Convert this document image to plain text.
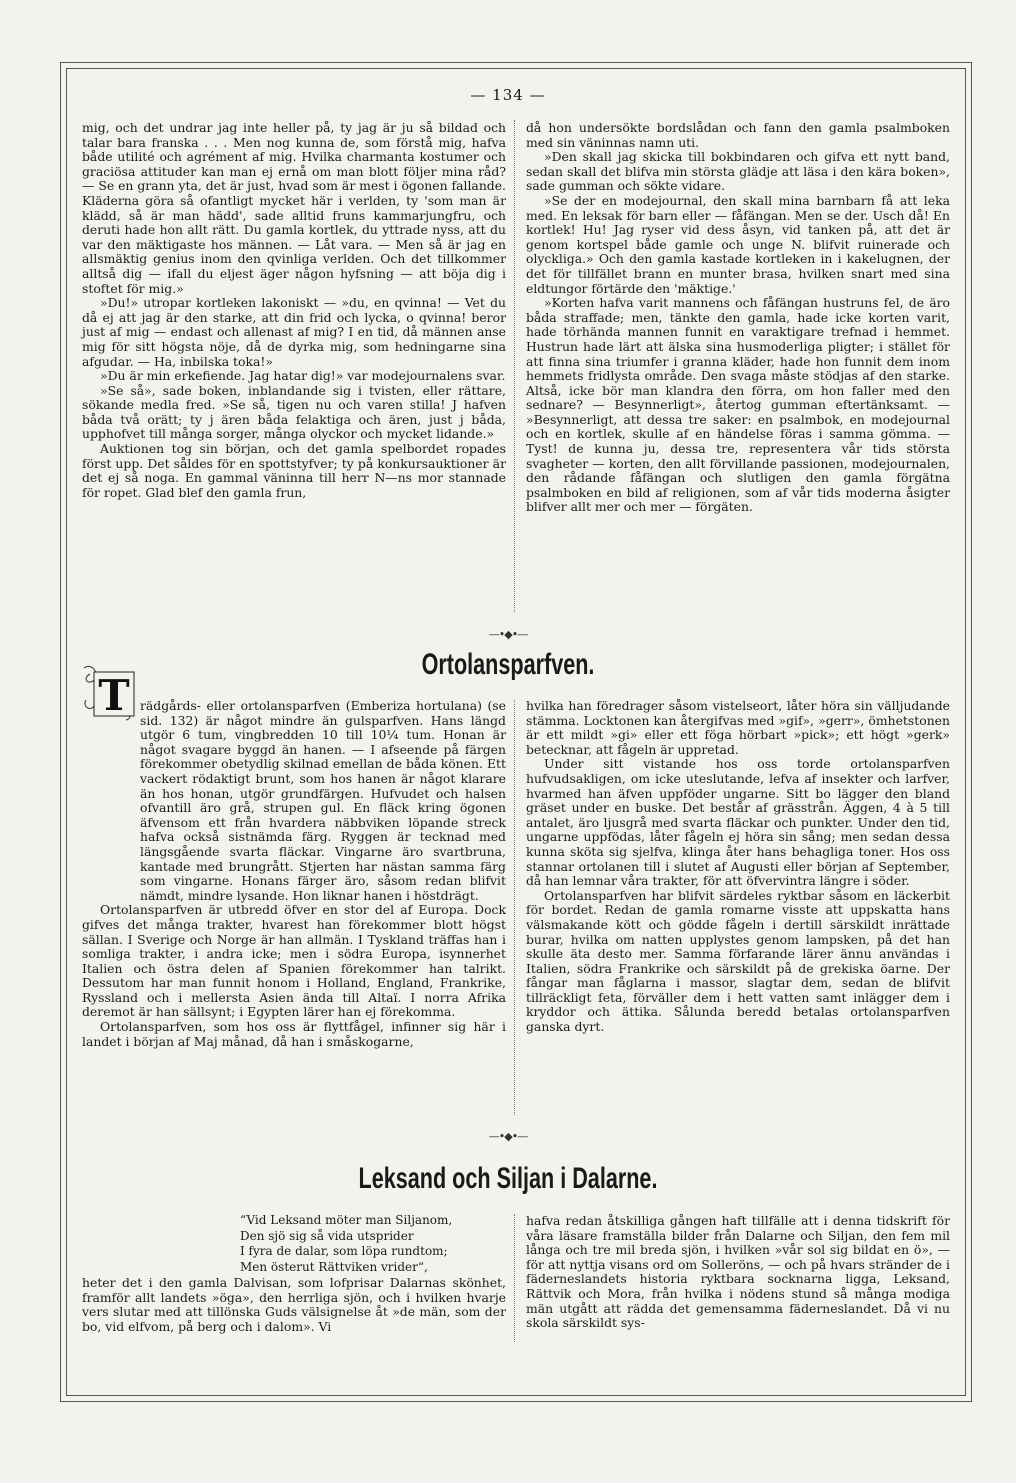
— 134 —

mig, och det undrar jag inte heller på, ty jag är ju så bildad och talar bara franska . . . Men nog kunna de, som förstå mig, hafva både utilité och agrément af mig. Hvilka charmanta kostumer och graciösa attituder kan man ej ernå om man blott följer mina råd? — Se en grann yta, det är just, hvad som är mest i ögonen fallande. Kläderna göra så ofantligt mycket här i verlden, ty 'som man är klädd, så är man hädd', sade alltid fruns kammarjungfru, och deruti hade hon allt rätt. Du gamla kortlek, du yttrade nyss, att du var den mäktigaste hos männen. — Låt vara. — Men så är jag en allsmäktig genius inom den qvinliga verlden. Och det tillkommer alltså dig — ifall du eljest äger någon hyfsning — att böja dig i stoftet för mig.»

»Du!» utropar kortleken lakoniskt — »du, en qvinna! — Vet du då ej att jag är den starke, att din frid och lycka, o qvinna! beror just af mig — endast och allenast af mig? I en tid, då männen anse mig för sitt högsta nöje, då de dyrka mig, som hedningarne sina afgudar. — Ha, inbilska toka!»

»Du är min erkefiende. Jag hatar dig!» var modejournalens svar.

»Se så», sade boken, inblandande sig i tvisten, eller rättare, sökande medla fred. »Se så, tigen nu och varen stilla! J hafven båda två orätt; ty j ären båda felaktiga och ären, just j båda, upphofvet till många sorger, många olyckor och mycket lidande.»

Auktionen tog sin början, och det gamla spelbordet ropades först upp. Det såldes för en spottstyfver; ty på konkursauktioner är det ej så noga. En gammal väninna till herr N—ns mor stannade för ropet. Glad blef den gamla frun,

då hon undersökte bordslådan och fann den gamla psalmboken med sin väninnas namn uti.

»Den skall jag skicka till bokbindaren och gifva ett nytt band, sedan skall det blifva min största glädje att läsa i den kära boken», sade gumman och sökte vidare.

»Se der en modejournal, den skall mina barnbarn få att leka med. En leksak för barn eller — fåfängan. Men se der. Usch då! En kortlek! Hu! Jag ryser vid dess åsyn, vid tanken på, att det är genom kortspel både gamle och unge N. blifvit ruinerade och olyckliga.» Och den gamla kastade kortleken in i kakelugnen, der det för tillfället brann en munter brasa, hvilken snart med sina eldtungor förtärde den 'mäktige.'

»Korten hafva varit mannens och fåfängan hustruns fel, de äro båda straffade; men, tänkte den gamla, hade icke korten varit, hade törhända mannen funnit en varaktigare trefnad i hemmet. Hustrun hade lärt att älska sina husmoderliga pligter; i stället för att finna sina triumfer i granna kläder, hade hon funnit dem inom hemmets fridlysta område. Den svaga måste stödjas af den starke. Altså, icke bör man klandra den förra, om hon faller med den sednare? — Besynnerligt», återtog gumman eftertänksamt. — »Besynnerligt, att dessa tre saker: en psalmbok, en modejournal och en kortlek, skulle af en händelse föras i samma gömma. — Tyst! de kunna ju, dessa tre, representera vår tids största svagheter — korten, den allt förvillande passionen, modejournalen, den rådande fåfängan och slutligen den gamla förgätna psalmboken en bild af religionen, som af vår tids moderna åsigter blifver allt mer och mer — förgäten.

—•◆•—
Ortolansparfven.
T rädgårds- eller ortolansparfven (Emberiza hortulana) (se sid. 132) är något mindre än gulsparfven. Hans längd utgör 6 tum, vingbredden 10 till 10¼ tum. Honan är något svagare byggd än hanen. — I afseende på färgen förekommer obetydlig skilnad emellan de båda könen. Ett vackert rödaktigt brunt, som hos hanen är något klarare än hos honan, utgör grundfärgen. Hufvudet och halsen ofvantill äro grå, strupen gul. En fläck kring ögonen äfvensom ett från hvardera näbbviken löpande streck hafva också sistnämda färg. Ryggen är tecknad med längsgående svarta fläckar. Vingarne äro svartbruna, kantade med brungrått. Stjerten har nästan samma färg som vingarne. Honans färger äro, såsom redan blifvit nämdt, mindre lysande. Hon liknar hanen i höstdrägt.

Ortolansparfven är utbredd öfver en stor del af Europa. Dock gifves det många trakter, hvarest han förekommer blott högst sällan. I Sverige och Norge är han allmän. I Tyskland träffas han i somliga trakter, i andra icke; men i södra Europa, isynnerhet Italien och östra delen af Spanien förekommer han talrikt. Dessutom har man funnit honom i Holland, England, Frankrike, Ryssland och i mellersta Asien ända till Altaï. I norra Afrika deremot är han sällsynt; i Egypten lärer han ej förekomma.

Ortolansparfven, som hos oss är flyttfågel, infinner sig här i landet i början af Maj månad, då han i småskogarne,

hvilka han föredrager såsom vistelseort, låter höra sin välljudande stämma. Locktonen kan återgifvas med »gif», »gerr», ömhetstonen är ett mildt »gi» eller ett föga hörbart »pick»; ett högt »gerk» betecknar, att fågeln är uppretad.

Under sitt vistande hos oss torde ortolansparfven hufvudsakligen, om icke uteslutande, lefva af insekter och larfver, hvarmed han äfven uppföder ungarne. Sitt bo lägger den bland gräset under en buske. Det består af grässtrån. Äggen, 4 à 5 till antalet, äro ljusgrå med svarta fläckar och punkter. Under den tid, ungarne uppfödas, låter fågeln ej höra sin sång; men sedan dessa kunna sköta sig sjelfva, klinga åter hans behagliga toner. Hos oss stannar ortolanen till i slutet af Augusti eller början af September, då han lemnar våra trakter, för att öfvervintra längre i söder.

Ortolansparfven har blifvit särdeles ryktbar såsom en läckerbit för bordet. Redan de gamla romarne visste att uppskatta hans välsmakande kött och gödde fågeln i dertill särskildt inrättade burar, hvilka om natten upplystes genom lampsken, på det han skulle äta desto mer. Samma förfarande lärer ännu användas i Italien, södra Frankrike och särskildt på de grekiska öarne. Der fångar man fåglarna i massor, slagtar dem, sedan de blifvit tillräckligt feta, förväller dem i hett vatten samt inlägger dem i kryddor och ättika. Sålunda beredd betalas ortolansparfven ganska dyrt.

—•◆•—
Leksand och Siljan i Dalarne.
“Vid Leksand möter man Siljanom,
Den sjö sig så vida utsprider
I fyra de dalar, som löpa rundtom;
Men österut Rättviken vrider“,

heter det i den gamla Dalvisan, som lofprisar Dalarnas skönhet, framför allt landets »öga», den herrliga sjön, och i hvilken hvarje vers slutar med att tillönska Guds välsignelse åt »de män, som der bo, vid elfvom, på berg och i dalom». Vi

hafva redan åtskilliga gången haft tillfälle att i denna tidskrift för våra läsare framställa bilder från Dalarne och Siljan, den fem mil långa och tre mil breda sjön, i hvilken »vår sol sig bildat en ö», — för att nyttja visans ord om Solleröns, — och på hvars stränder de i fäderneslandets historia ryktbara socknarna ligga, Leksand, Rättvik och Mora, från hvilka i nödens stund så många modiga män utgått att rädda det gemensamma fäderneslandet. Då vi nu skola särskildt sys-
